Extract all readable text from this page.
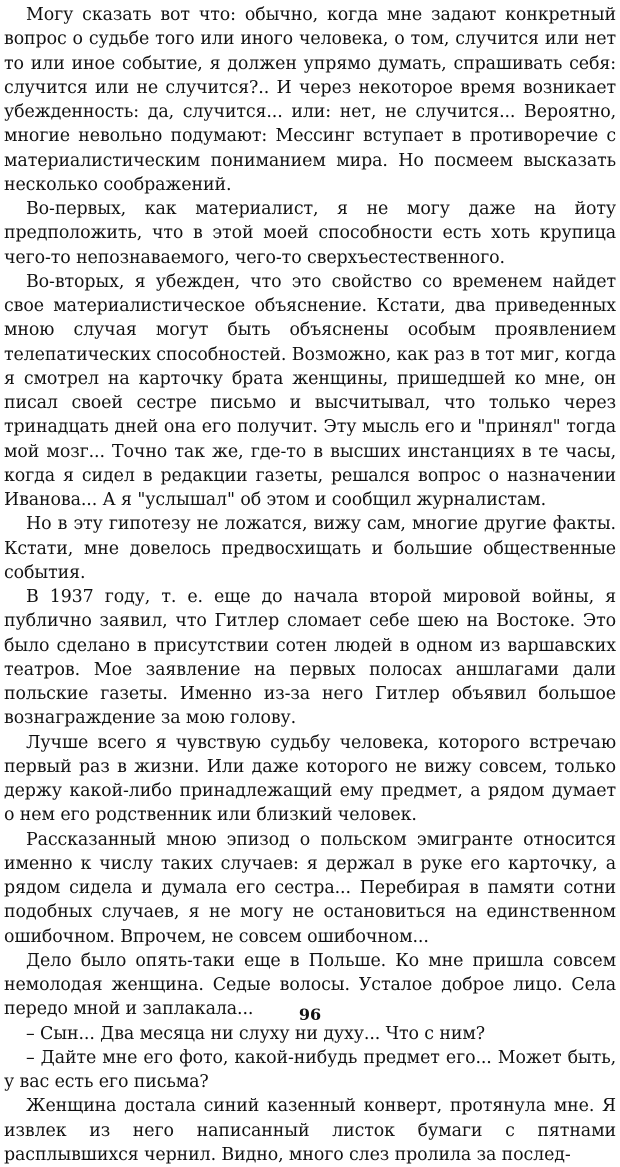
Могу сказать вот что: обычно, когда мне задают конкретный вопрос о судьбе того или иного человека, о том, случится или нет то или иное событие, я должен упрямо думать, спрашивать себя: случится или не случится?.. И через некоторое время возникает убежденность: да, случится... или: нет, не случится... Вероятно, многие невольно подумают: Мессинг вступает в противоречие с материалистическим пониманием мира. Но посмеем высказать несколько соображений.

Во-первых, как материалист, я не могу даже на йоту предположить, что в этой моей способности есть хоть крупица чего-то непознаваемого, чего-то сверхъестественного.

Во-вторых, я убежден, что это свойство со временем найдет свое материалистическое объяснение. Кстати, два приведенных мною случая могут быть объяснены особым проявлением телепатических способностей. Возможно, как раз в тот миг, когда я смотрел на карточку брата женщины, пришедшей ко мне, он писал своей сестре письмо и высчитывал, что только через тринадцать дней она его получит. Эту мысль его и "принял" тогда мой мозг... Точно так же, где-то в высших инстанциях в те часы, когда я сидел в редакции газеты, решался вопрос о назначении Иванова... А я "услышал" об этом и сообщил журналистам.

Но в эту гипотезу не ложатся, вижу сам, многие другие факты. Кстати, мне довелось предвосхищать и большие общественные события.

В 1937 году, т. е. еще до начала второй мировой войны, я публично заявил, что Гитлер сломает себе шею на Востоке. Это было сделано в присутствии сотен людей в одном из варшавских театров. Мое заявление на первых полосах аншлагами дали польские газеты. Именно из-за него Гитлер объявил большое вознаграждение за мою голову.

Лучше всего я чувствую судьбу человека, которого встречаю первый раз в жизни. Или даже которого не вижу совсем, только держу какой-либо принадлежащий ему предмет, а рядом думает о нем его родственник или близкий человек.

Рассказанный мною эпизод о польском эмигранте относится именно к числу таких случаев: я держал в руке его карточку, а рядом сидела и думала его сестра... Перебирая в памяти сотни подобных случаев, я не могу не остановиться на единственном ошибочном. Впрочем, не совсем ошибочном...

Дело было опять-таки еще в Польше. Ко мне пришла совсем немолодая женщина. Седые волосы. Усталое доброе лицо. Села передо мной и заплакала...

– Сын... Два месяца ни слуху ни духу... Что с ним?

– Дайте мне его фото, какой-нибудь предмет его... Может быть, у вас есть его письма?

Женщина достала синий казенный конверт, протянула мне. Я извлек из него написанный листок бумаги с пятнами расплывшихся чернил. Видно, много слез пролила за послед-

96
